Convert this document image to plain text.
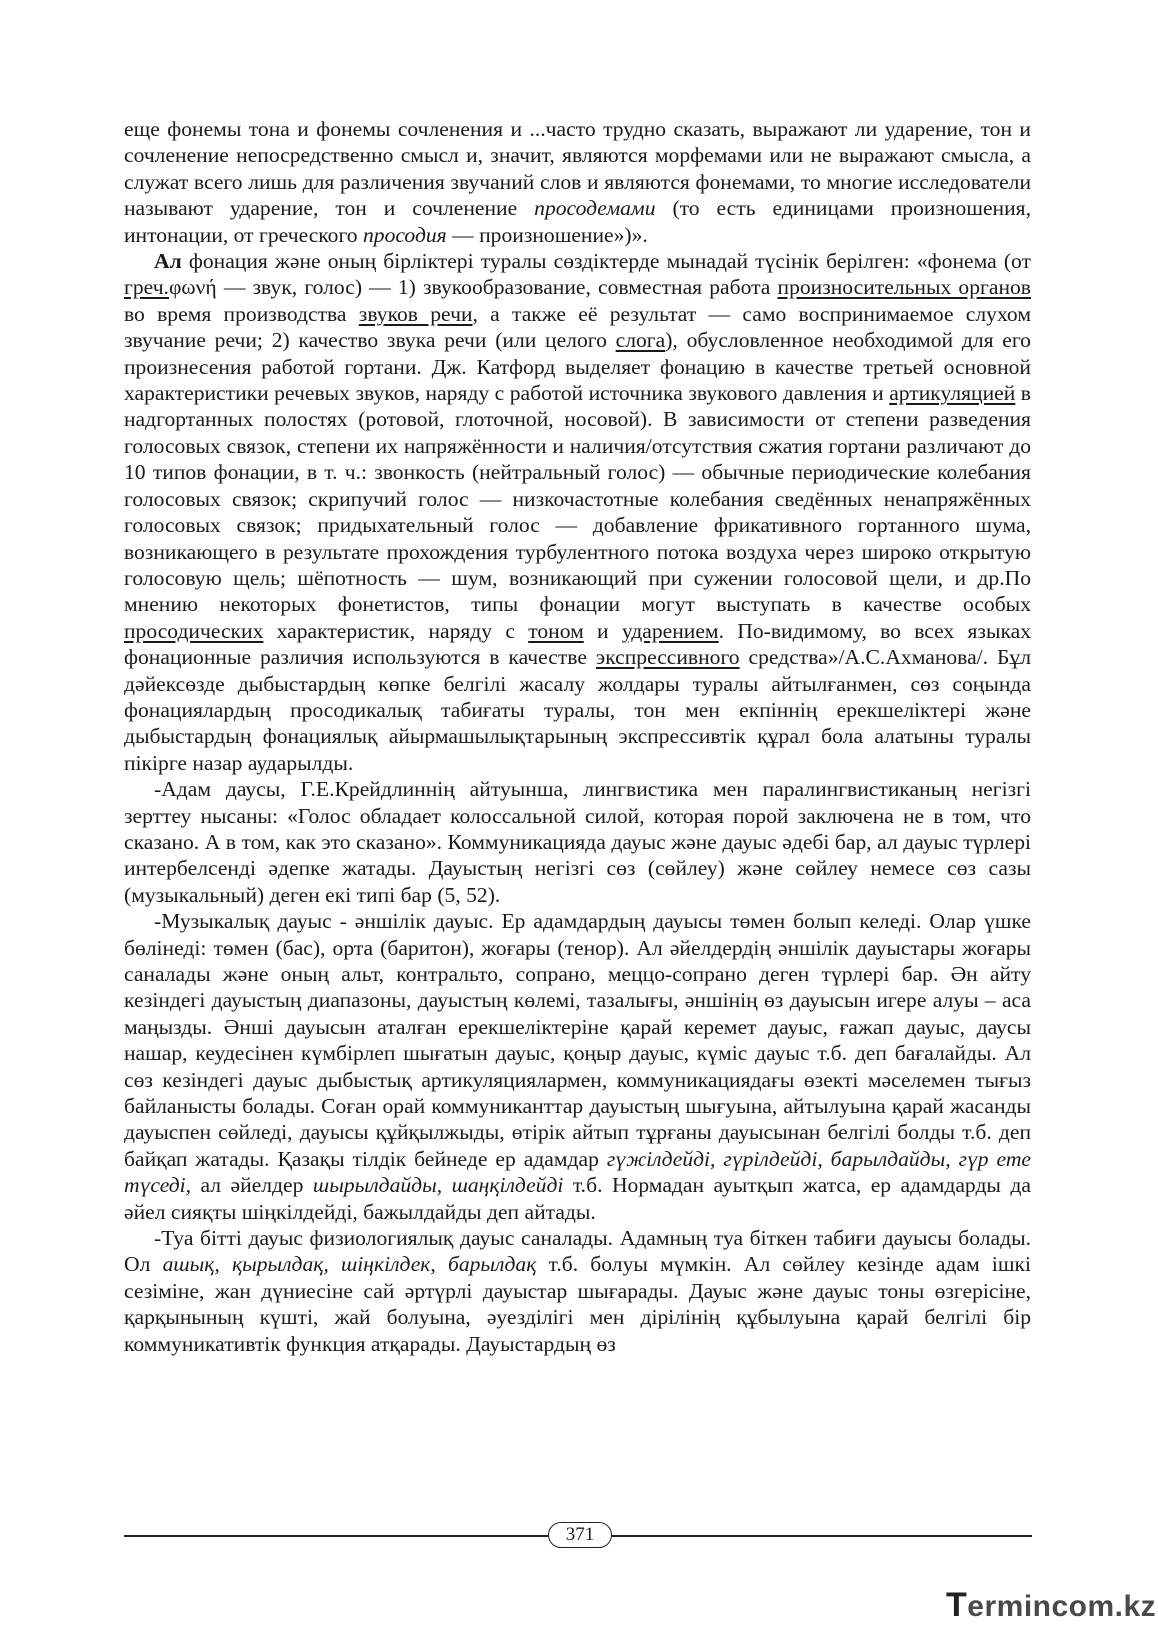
еще фонемы тона и фонемы сочленения и ...часто трудно сказать, выражают ли ударение, тон и сочленение непосредственно смысл и, значит, являются морфемами или не выражают смысла, а служат всего лишь для различения звучаний слов и являются фонемами, то многие исследователи называют ударение, тон и сочленение просодемами (то есть единицами произношения, интонации, от греческого просодия — произношение»)».

Ал фонация және оның бірліктері туралы сөздіктерде мынадай түсінік берілген: «фонема (от греч.φωνή — звук, голос) — 1) звукообразование, совместная работа произносительных органов во время производства звуков речи, а также её результат — само воспринимаемое слухом звучание речи; 2) качество звука речи (или целого слога), обусловленное необходимой для его произнесения работой гортани. Дж. Катфорд выделяет фонацию в качестве третьей основной характеристики речевых звуков, наряду с работой источника звукового давления и артикуляцией в надгортанных полостях (ротовой, глоточной, носовой). В зависимости от степени разведения голосовых связок, степени их напряжённости и наличия/отсутствия сжатия гортани различают до 10 типов фонации, в т. ч.: звонкость (нейтральный голос) — обычные периодические колебания голосовых связок; скрипучий голос — низкочастотные колебания сведённых ненапряжённых голосовых связок; придыхательный голос — добавление фрикативного гортанного шума, возникающего в результате прохождения турбулентного потока воздуха через широко открытую голосовую щель; шёпотность — шум, возникающий при сужении голосовой щели, и др.По мнению некоторых фонетистов, типы фонации могут выступать в качестве особых просодических характеристик, наряду с тоном и ударением. По-видимому, во всех языках фонационные различия используются в качестве экспрессивного средства»/А.С.Ахманова/. Бұл дәйексөзде дыбыстардың көпке белгілі жасалу жолдары туралы айтылғанмен, сөз соңында фонациялардың просодикалық табиғаты туралы, тон мен екпіннің ерекшеліктері және дыбыстардың фонациялық айырмашылықтарының экспрессивтік құрал бола алатыны туралы пікірге назар аударылды.

-Адам даусы, Г.Е.Крейдлиннің айтуынша, лингвистика мен паралингвистиканың негізгі зерттеу нысаны: «Голос обладает колоссальной силой, которая порой заключена не в том, что сказано. А в том, как это сказано». Коммуникацияда дауыс және дауыс әдебі бар, ал дауыс түрлері интербелсенді әдепке жатады. Дауыстың негізгі сөз (сөйлеу) және сөйлеу немесе сөз сазы (музыкальный) деген екі типі бар (5, 52).

-Музыкалық дауыс - әншілік дауыс. Ер адамдардың дауысы төмен болып келеді. Олар үшке бөлінеді: төмен (бас), орта (баритон), жоғары (тенор). Ал әйелдердің әншілік дауыстары жоғары саналады және оның альт, контральто, сопрано, меццо-сопрано деген түрлері бар. Ән айту кезіндегі дауыстың диапазоны, дауыстың көлемі, тазалығы, әншінің өз дауысын игере алуы – аса маңызды. Әнші дауысын аталған ерекшеліктеріне қарай керемет дауыс, ғажап дауыс, даусы нашар, кеудесінен күмбірлеп шығатын дауыс, қоңыр дауыс, күміс дауыс т.б. деп бағалайды. Ал сөз кезіндегі дауыс дыбыстық артикуляциялармен, коммуникациядағы өзекті мәселемен тығыз байланысты болады. Соған орай коммуниканттар дауыстың шығуына, айтылуына қарай жасанды дауыспен сөйледі, дауысы құйқылжыды, өтірік айтып тұрғаны дауысынан белгілі болды т.б. деп байқап жатады. Қазақы тілдік бейнеде ер адамдар гүжілдейді, гүрілдейді, барылдайды, гүр ете түседі, ал әйелдер шырылдайды, шаңқілдейді т.б. Нормадан ауытқып жатса, ер адамдарды да әйел сияқты шіңкілдейді, бажылдайды деп айтады.

-Туа бітті дауыс физиологиялық дауыс саналады. Адамның туа біткен табиғи дауысы болады. Ол ашық, қырылдақ, шіңкілдек, барылдақ т.б. болуы мүмкін. Ал сөйлеу кезінде адам ішкі сезіміне, жан дүниесіне сай әртүрлі дауыстар шығарады. Дауыс және дауыс тоны өзгерісіне, қарқынының күшті, жай болуына, әуезділігі мен дірілінің құбылуына қарай белгілі бір коммуникативтік функция атқарады. Дауыстардың өз

371
Termincоm.kz
